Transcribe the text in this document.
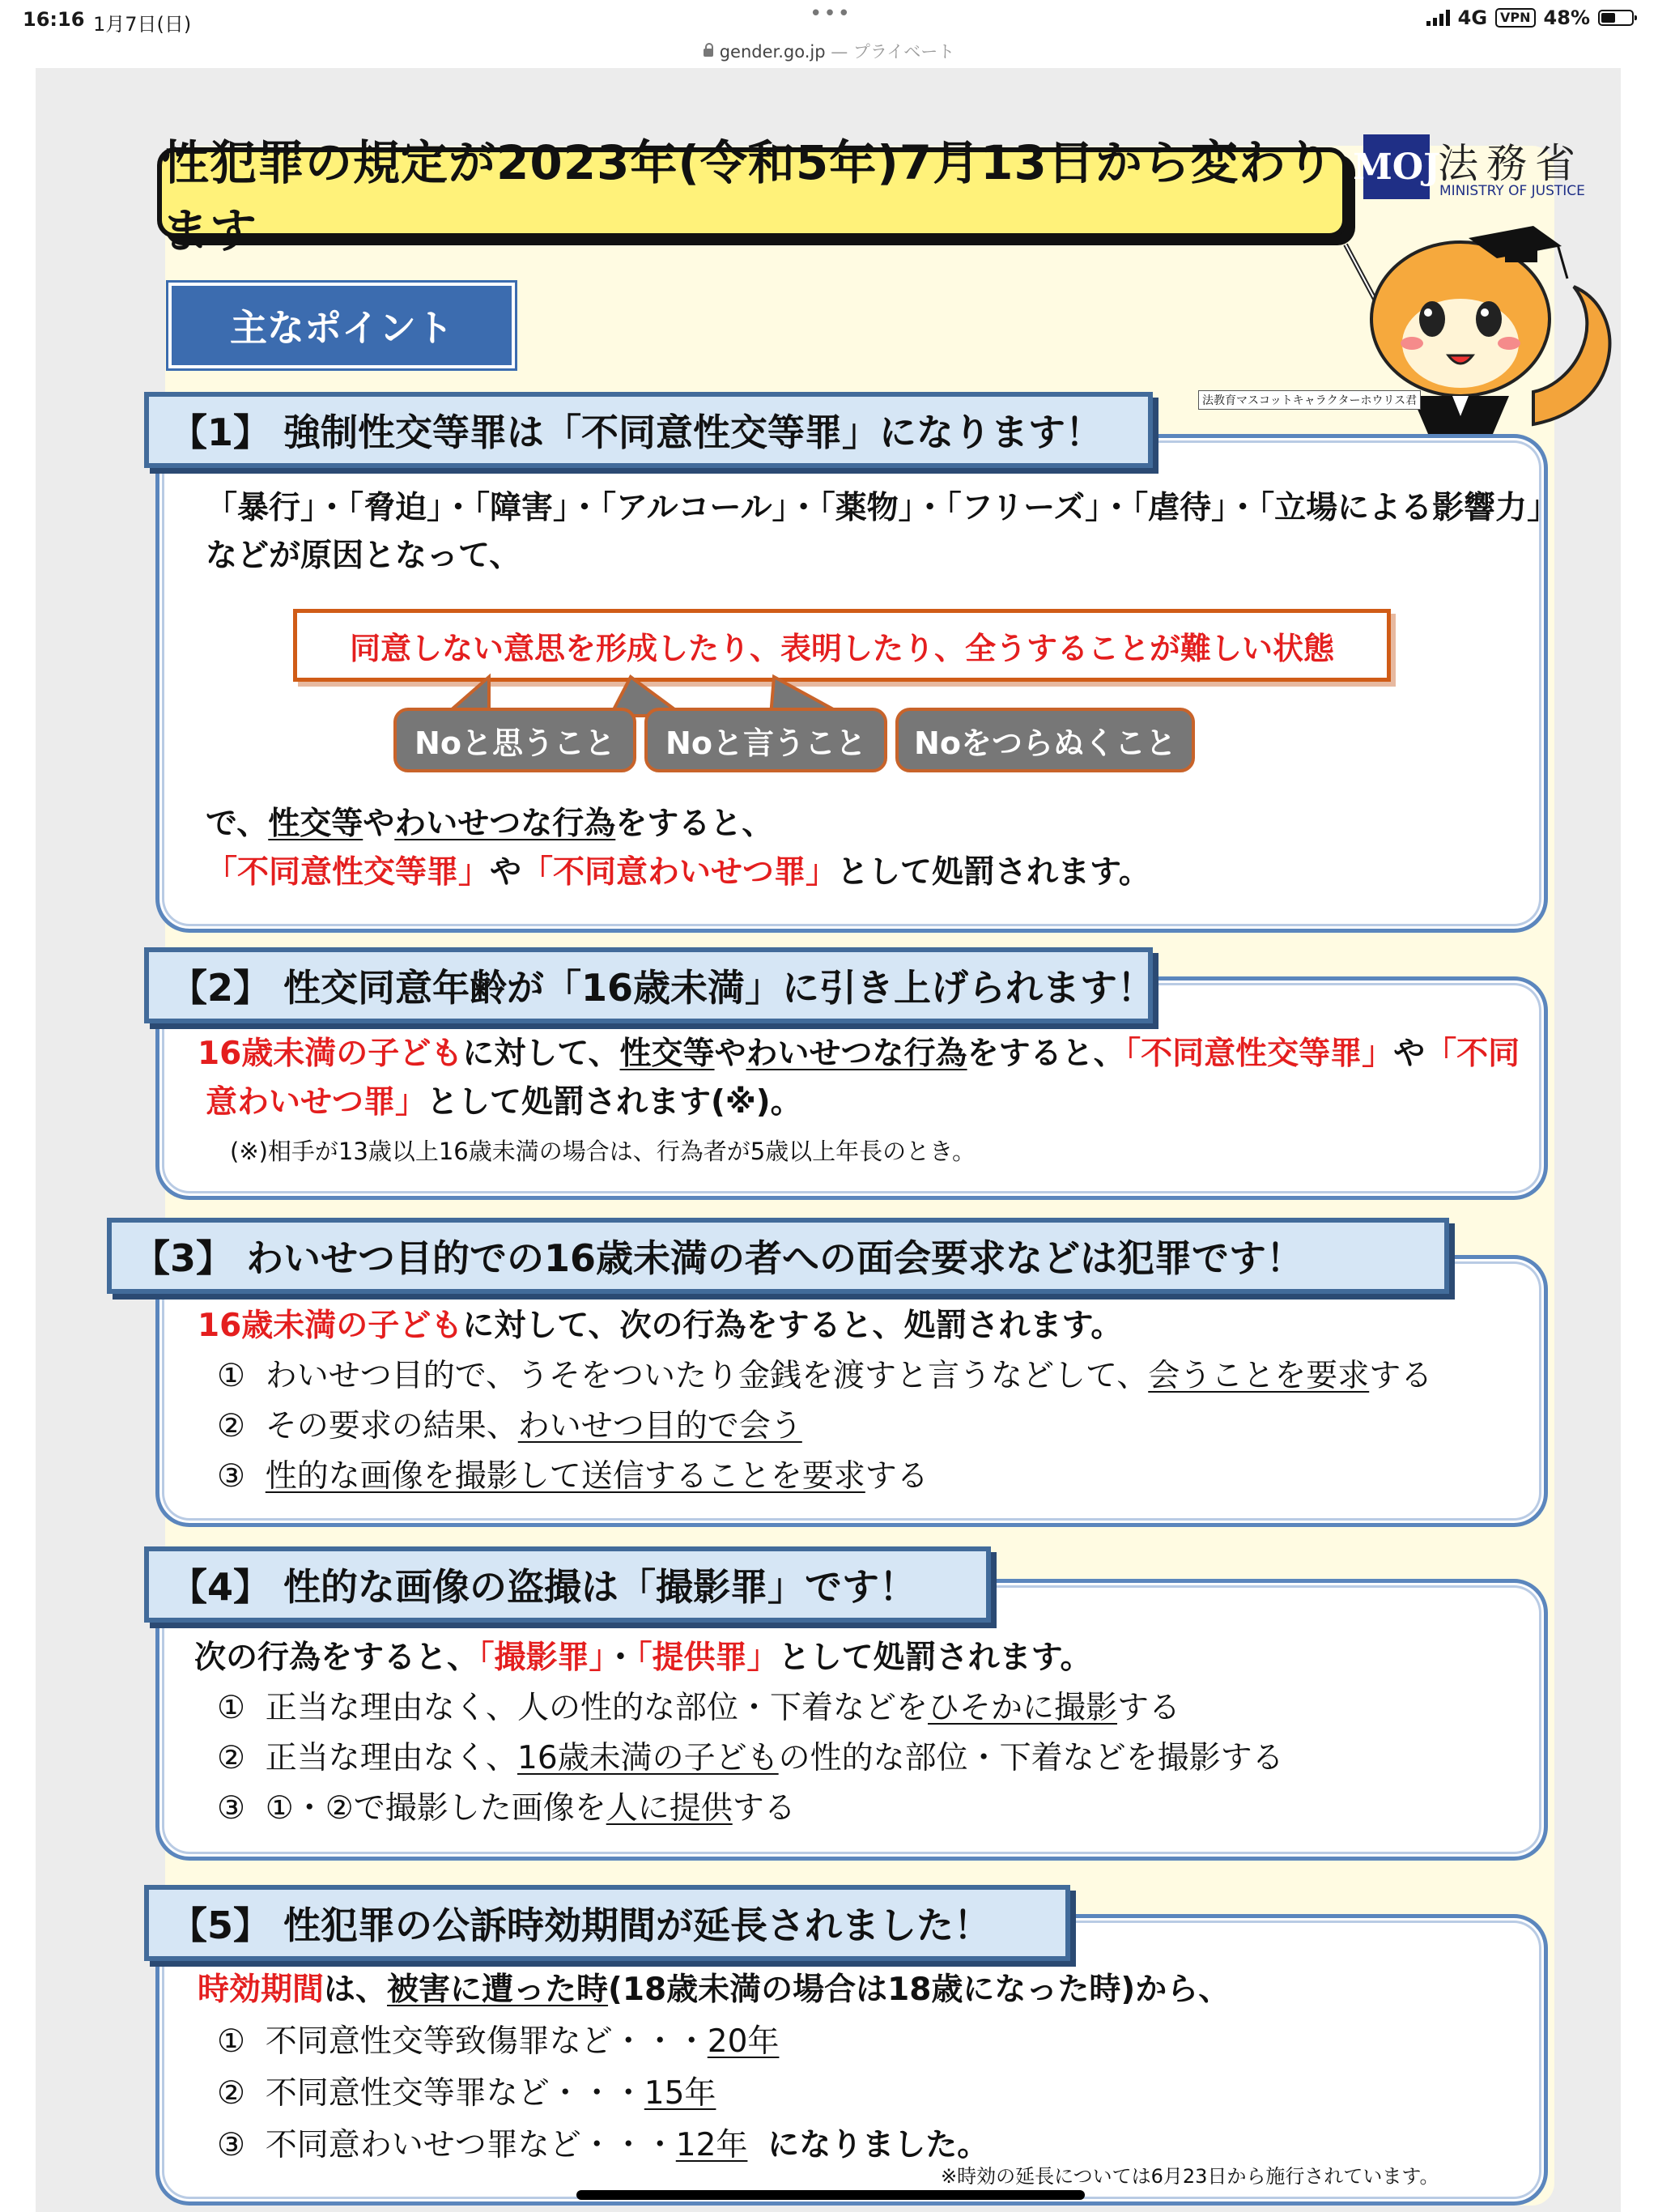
16:16 1月7日(日)	•••	4G	VPN 48%
gender.go.jp — プライベート
性犯罪の規定が2023年(令和5年)7月13日から変わります
MOJ
法務省
MINISTRY OF JUSTICE
法教育マスコットキャラクターホウリス君
主なポイント
【1】 強制性交等罪は「不同意性交等罪」になります！
「暴行」・「脅迫」・「障害」・「アルコール」・「薬物」・「フリーズ」・「虐待」・「立場による影響力」
などが原因となって、
同意しない意思を形成したり、表明したり、全うすることが難しい状態
Noと思うこと	Noと言うこと	Noをつらぬくこと
で、性交等やわいせつな行為をすると、
「不同意性交等罪」や「不同意わいせつ罪」として処罰されます。
【2】 性交同意年齢が「16歳未満」に引き上げられます！
16歳未満の子どもに対して、性交等やわいせつな行為をすると、「不同意性交等罪」や「不同
意わいせつ罪」として処罰されます(※)。
(※)相手が13歳以上16歳未満の場合は、行為者が5歳以上年長のとき。
【3】 わいせつ目的での16歳未満の者への面会要求などは犯罪です！
16歳未満の子どもに対して、次の行為をすると、処罰されます。
① わいせつ目的で、うそをついたり金銭を渡すと言うなどして、会うことを要求する
② その要求の結果、わいせつ目的で会う
③ 性的な画像を撮影して送信することを要求する
【4】 性的な画像の盗撮は「撮影罪」です！
次の行為をすると、「撮影罪」・「提供罪」として処罰されます。
① 正当な理由なく、人の性的な部位・下着などをひそかに撮影する
② 正当な理由なく、16歳未満の子どもの性的な部位・下着などを撮影する
③ ①・②で撮影した画像を人に提供する
【5】 性犯罪の公訴時効期間が延長されました！
時効期間は、被害に遭った時(18歳未満の場合は18歳になった時)から、
① 不同意性交等致傷罪など・・・20年
② 不同意性交等罪など・・・15年
③ 不同意わいせつ罪など・・・12年 になりました。
※時効の延長については6月23日から施行されています。
